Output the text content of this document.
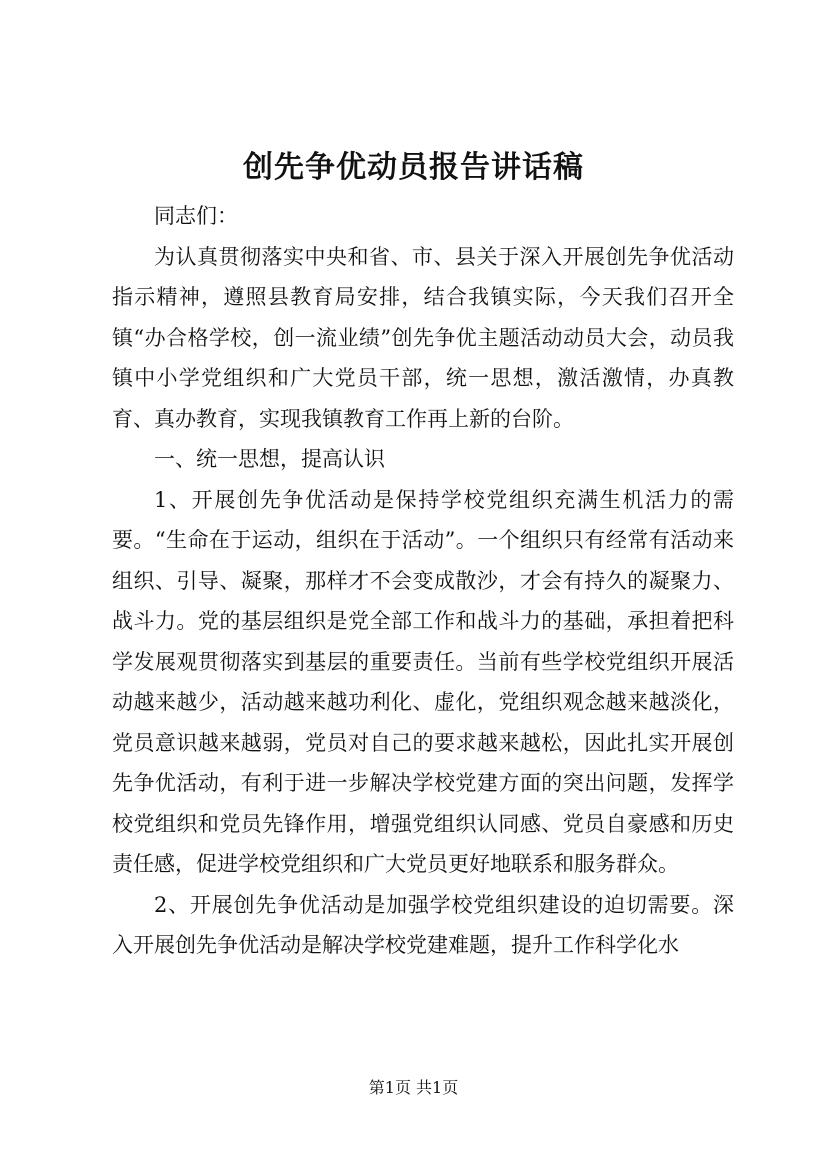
创先争优动员报告讲话稿

同志们：

为认真贯彻落实中央和省、市、县关于深入开展创先争优活动指示精神，遵照县教育局安排，结合我镇实际，今天我们召开全镇“办合格学校，创一流业绩”创先争优主题活动动员大会，动员我镇中小学党组织和广大党员干部，统一思想，激活激情，办真教育、真办教育，实现我镇教育工作再上新的台阶。

一、统一思想，提高认识

1、开展创先争优活动是保持学校党组织充满生机活力的需要。“生命在于运动，组织在于活动”。一个组织只有经常有活动来组织、引导、凝聚，那样才不会变成散沙，才会有持久的凝聚力、战斗力。党的基层组织是党全部工作和战斗力的基础，承担着把科学发展观贯彻落实到基层的重要责任。当前有些学校党组织开展活动越来越少，活动越来越功利化、虚化，党组织观念越来越淡化，党员意识越来越弱，党员对自己的要求越来越松，因此扎实开展创先争优活动，有利于进一步解决学校党建方面的突出问题，发挥学校党组织和党员先锋作用，增强党组织认同感、党员自豪感和历史责任感，促进学校党组织和广大党员更好地联系和服务群众。

2、开展创先争优活动是加强学校党组织建设的迫切需要。深入开展创先争优活动是解决学校党建难题，提升工作科学化水

第1页 共1页
